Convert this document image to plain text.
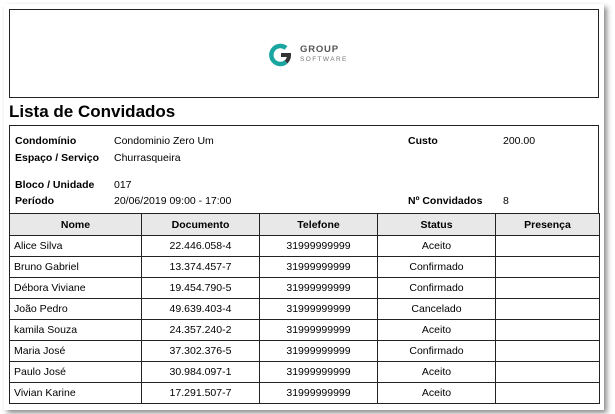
GROUP
SOFTWARE
Lista de Convidados
Condomínio	Condominio Zero Um	Custo	200.00
Espaço / Serviço Churrasqueira
Bloco / Unidade 017
Período	20/06/2019 09:00 - 17:00	Nº Convidados 8
Nome	Documento	Telefone	Status	Presença
Alice Silva	22.446.058-4	31999999999	Aceito	
Bruno Gabriel	13.374.457-7	31999999999	Confirmado	
Débora Viviane	19.454.790-5	31999999999	Confirmado	
João Pedro	49.639.403-4	31999999999	Cancelado	
kamila Souza	24.357.240-2	31999999999	Aceito	
Maria José	37.302.376-5	31999999999	Confirmado	
Paulo José	30.984.097-1	31999999999	Aceito	
Vivian Karine	17.291.507-7	31999999999	Aceito	
